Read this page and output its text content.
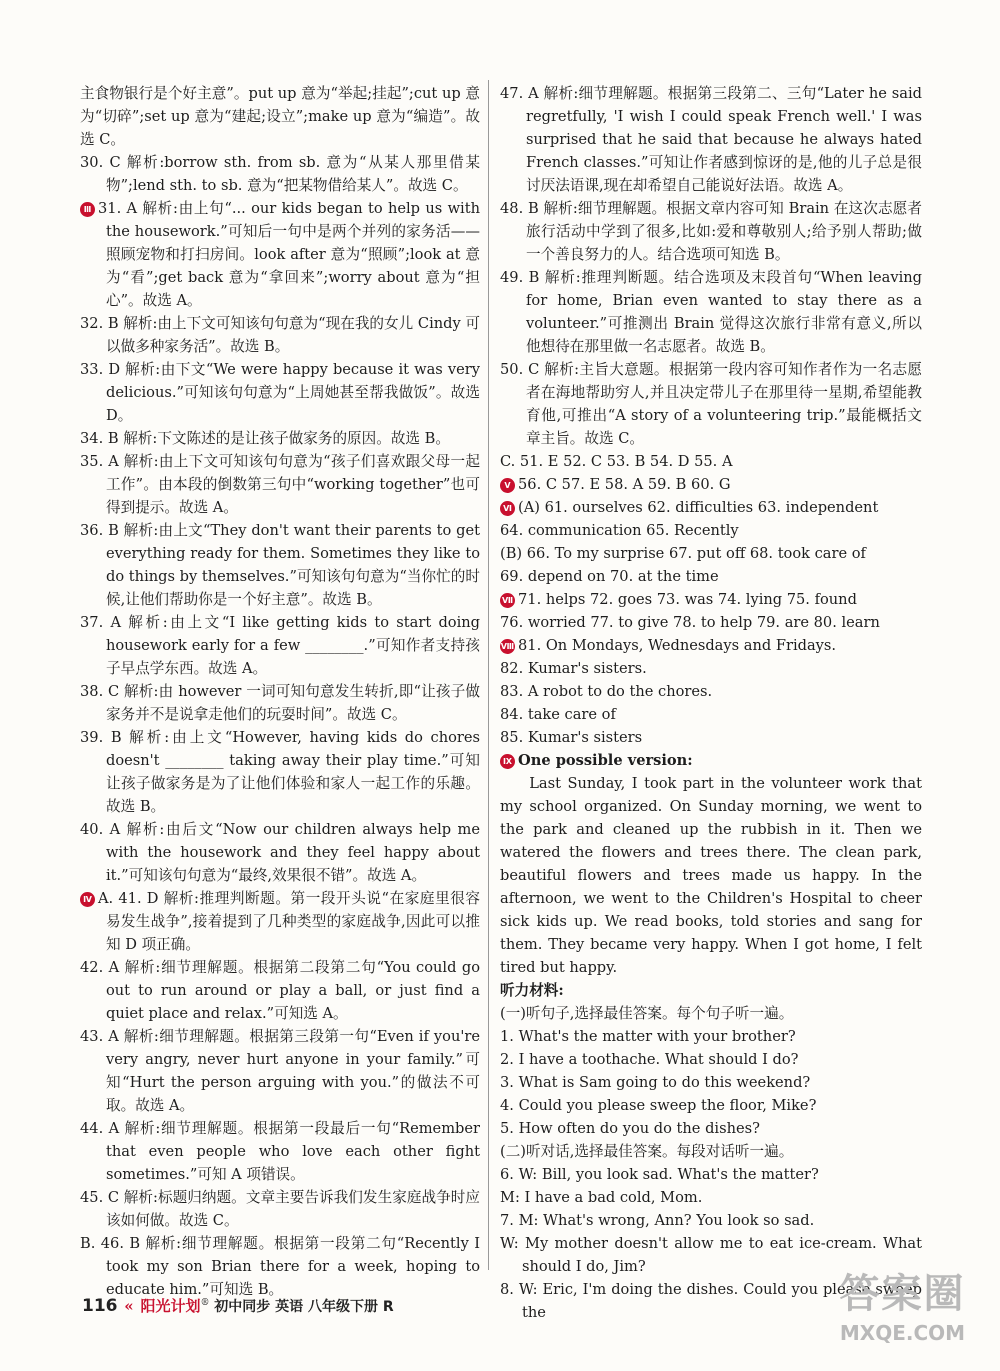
主食物银行是个好主意”。put up 意为“举起;挂起”;cut up 意为“切碎”;set up 意为“建起;设立”;make up 意为“编造”。故选 C。

30. C 解析:borrow sth. from sb. 意为“从某人那里借某物”;lend sth. to sb. 意为“把某物借给某人”。故选 C。

Ⅲ 31. A 解析:由上句“... our kids began to help us with the housework.”可知后一句中是两个并列的家务活——照顾宠物和打扫房间。look after 意为“照顾”;look at 意为“看”;get back 意为“拿回来”;worry about 意为“担心”。故选 A。

32. B 解析:由上下文可知该句句意为“现在我的女儿 Cindy 可以做多种家务活”。故选 B。

33. D 解析:由下文“We were happy because it was very delicious.”可知该句句意为“上周她甚至帮我做饭”。故选 D。

34. B 解析:下文陈述的是让孩子做家务的原因。故选 B。

35. A 解析:由上下文可知该句句意为“孩子们喜欢跟父母一起工作”。由本段的倒数第三句中“working together”也可得到提示。故选 A。

36. B 解析:由上文“They don't want their parents to get everything ready for them. Sometimes they like to do things by themselves.”可知该句句意为“当你忙的时候,让他们帮助你是一个好主意”。故选 B。

37. A 解析:由上文“I like getting kids to start doing housework early for a few ________.”可知作者支持孩子早点学东西。故选 A。

38. C 解析:由 however 一词可知句意发生转折,即“让孩子做家务并不是说拿走他们的玩耍时间”。故选 C。

39. B 解析:由上文“However, having kids do chores doesn't ________ taking away their play time.”可知让孩子做家务是为了让他们体验和家人一起工作的乐趣。故选 B。

40. A 解析:由后文“Now our children always help me with the housework and they feel happy about it.”可知该句句意为“最终,效果很不错”。故选 A。

Ⅳ A. 41. D 解析:推理判断题。第一段开头说“在家庭里很容易发生战争”,接着提到了几种类型的家庭战争,因此可以推知 D 项正确。

42. A 解析:细节理解题。根据第二段第二句“You could go out to run around or play a ball, or just find a quiet place and relax.”可知选 A。

43. A 解析:细节理解题。根据第三段第一句“Even if you're very angry, never hurt anyone in your family.”可知“Hurt the person arguing with you.”的做法不可取。故选 A。

44. A 解析:细节理解题。根据第一段最后一句“Remember that even people who love each other fight sometimes.”可知 A 项错误。

45. C 解析:标题归纳题。文章主要告诉我们发生家庭战争时应该如何做。故选 C。

B. 46. B 解析:细节理解题。根据第一段第二句“Recently I took my son Brian there for a week, hoping to educate him.”可知选 B。

47. A 解析:细节理解题。根据第三段第二、三句“Later he said regretfully, 'I wish I could speak French well.' I was surprised that he said that because he always hated French classes.”可知让作者感到惊讶的是,他的儿子总是很讨厌法语课,现在却希望自己能说好法语。故选 A。

48. B 解析:细节理解题。根据文章内容可知 Brain 在这次志愿者旅行活动中学到了很多,比如:爱和尊敬别人;给予别人帮助;做一个善良努力的人。结合选项可知选 B。

49. B 解析:推理判断题。结合选项及末段首句“When leaving for home, Brian even wanted to stay there as a volunteer.”可推测出 Brain 觉得这次旅行非常有意义,所以他想待在那里做一名志愿者。故选 B。

50. C 解析:主旨大意题。根据第一段内容可知作者作为一名志愿者在海地帮助穷人,并且决定带儿子在那里待一星期,希望能教育他,可推出“A story of a volunteering trip.”最能概括文章主旨。故选 C。

C. 51. E 52. C 53. B 54. D 55. A

Ⅴ 56. C 57. E 58. A 59. B 60. G

Ⅵ (A) 61. ourselves 62. difficulties 63. independent

64. communication 65. Recently

(B) 66. To my surprise 67. put off 68. took care of

69. depend on 70. at the time

Ⅶ 71. helps 72. goes 73. was 74. lying 75. found

76. worried 77. to give 78. to help 79. are 80. learn

Ⅷ 81. On Mondays, Wednesdays and Fridays.

82. Kumar's sisters.

83. A robot to do the chores.

84. take care of

85. Kumar's sisters

Ⅸ One possible version:

Last Sunday, I took part in the volunteer work that my school organized. On Sunday morning, we went to the park and cleaned up the rubbish in it. Then we watered the flowers and trees there. The clean park, beautiful flowers and trees made us happy. In the afternoon, we went to the Children's Hospital to cheer sick kids up. We read books, told stories and sang for them. They became very happy. When I got home, I felt tired but happy.

听力材料:

(一)听句子,选择最佳答案。每个句子听一遍。

1. What's the matter with your brother?

2. I have a toothache. What should I do?

3. What is Sam going to do this weekend?

4. Could you please sweep the floor, Mike?

5. How often do you do the dishes?

(二)听对话,选择最佳答案。每段对话听一遍。

6. W: Bill, you look sad. What's the matter?

M: I have a bad cold, Mom.

7. M: What's wrong, Ann? You look so sad.

W: My mother doesn't allow me to eat ice-cream. What should I do, Jim?

8. W: Eric, I'm doing the dishes. Could you please sweep the

116 « 阳光计划® 初中同步 英语 八年级下册 R	答案圈
MXQE.COM
